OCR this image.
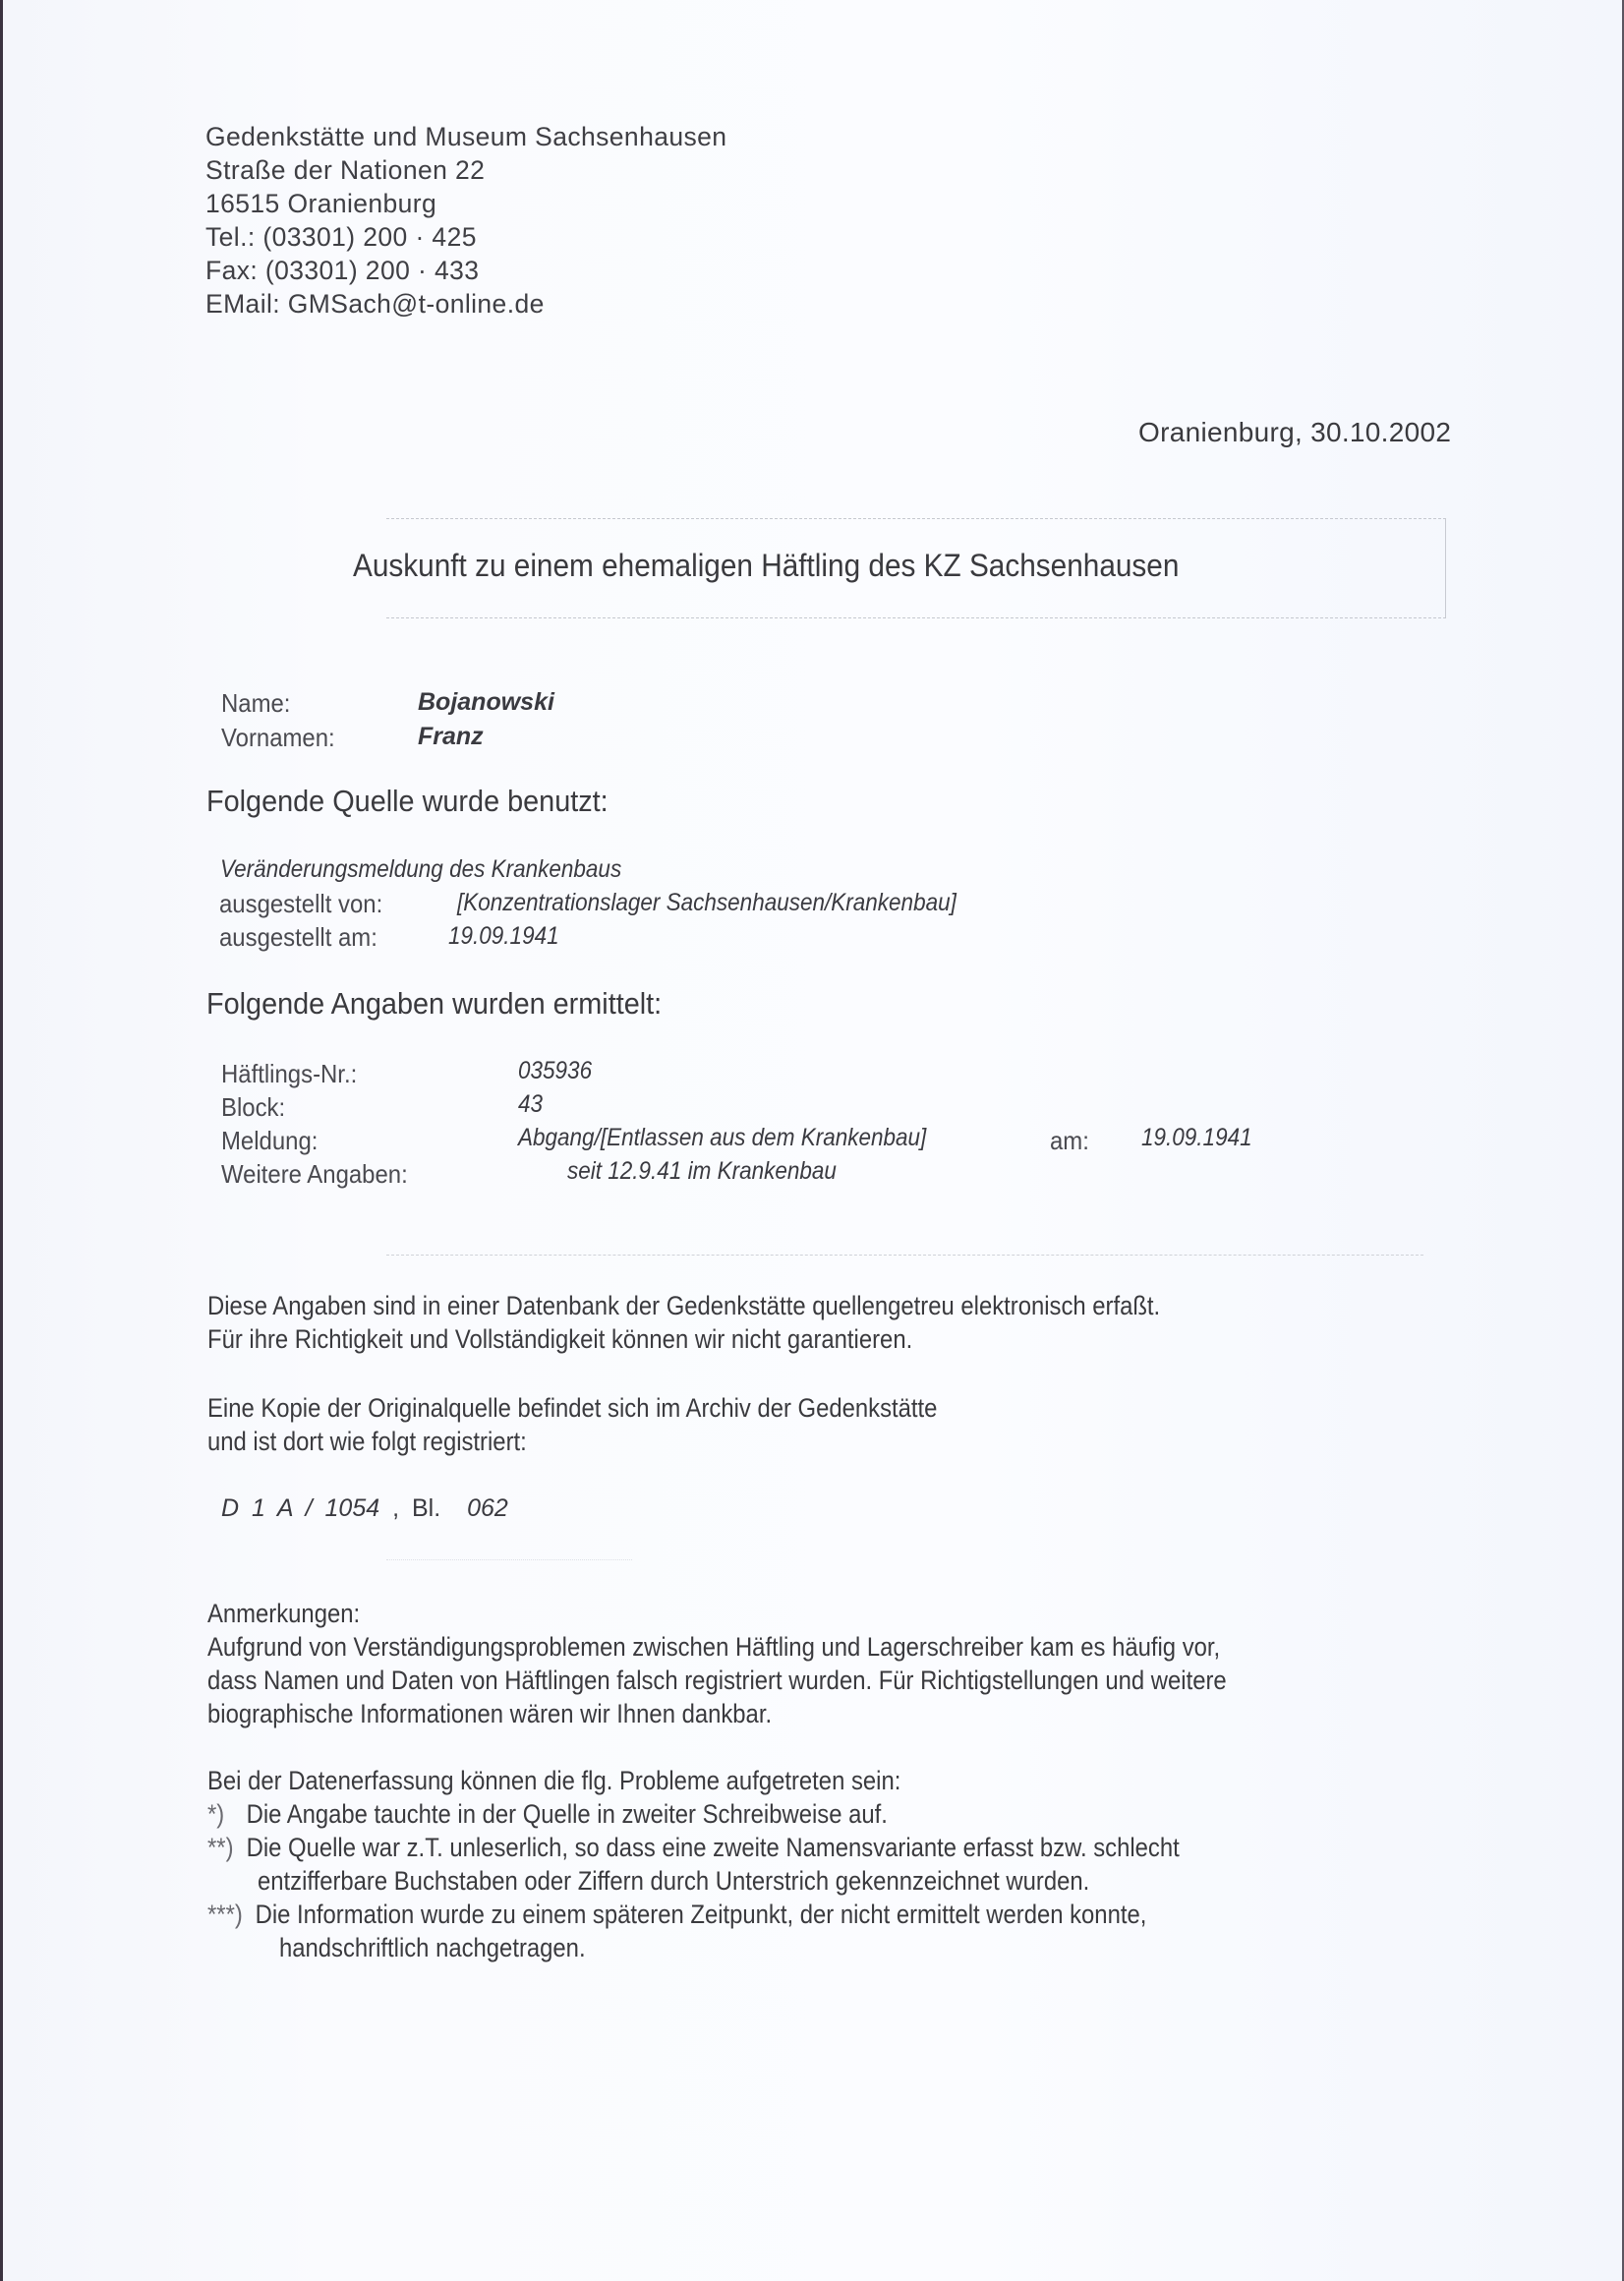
Gedenkstätte und Museum Sachsenhausen
Straße der Nationen 22
16515 Oranienburg
Tel.: (03301) 200 · 425
Fax: (03301) 200 · 433
EMail: GMSach@t-online.de
Oranienburg, 30.10.2002
Auskunft zu einem ehemaligen Häftling des KZ Sachsenhausen
Name:	Bojanowski
Vornamen:	Franz
Folgende Quelle wurde benutzt:
Veränderungsmeldung des Krankenbaus
ausgestellt von:	[Konzentrationslager Sachsenhausen/Krankenbau]
ausgestellt am:	19.09.1941
Folgende Angaben wurden ermittelt:
Häftlings-Nr.:	035936
Block:	43
Meldung:	Abgang/[Entlassen aus dem Krankenbau]	am: 19.09.1941
Weitere Angaben:	seit 12.9.41 im Krankenbau
Diese Angaben sind in einer Datenbank der Gedenkstätte quellengetreu elektronisch erfaßt.
Für ihre Richtigkeit und Vollständigkeit können wir nicht garantieren.
Eine Kopie der Originalquelle befindet sich im Archiv der Gedenkstätte
und ist dort wie folgt registriert:
D 1 A / 1054 , Bl. 062
Anmerkungen:
Aufgrund von Verständigungsproblemen zwischen Häftling und Lagerschreiber kam es häufig vor,
dass Namen und Daten von Häftlingen falsch registriert wurden. Für Richtigstellungen und weitere
biographische Informationen wären wir Ihnen dankbar.
Bei der Datenerfassung können die flg. Probleme aufgetreten sein:
*) Die Angabe tauchte in der Quelle in zweiter Schreibweise auf.
**) Die Quelle war z.T. unleserlich, so dass eine zweite Namensvariante erfasst bzw. schlecht
entzifferbare Buchstaben oder Ziffern durch Unterstrich gekennzeichnet wurden.
***) Die Information wurde zu einem späteren Zeitpunkt, der nicht ermittelt werden konnte,
handschriftlich nachgetragen.
